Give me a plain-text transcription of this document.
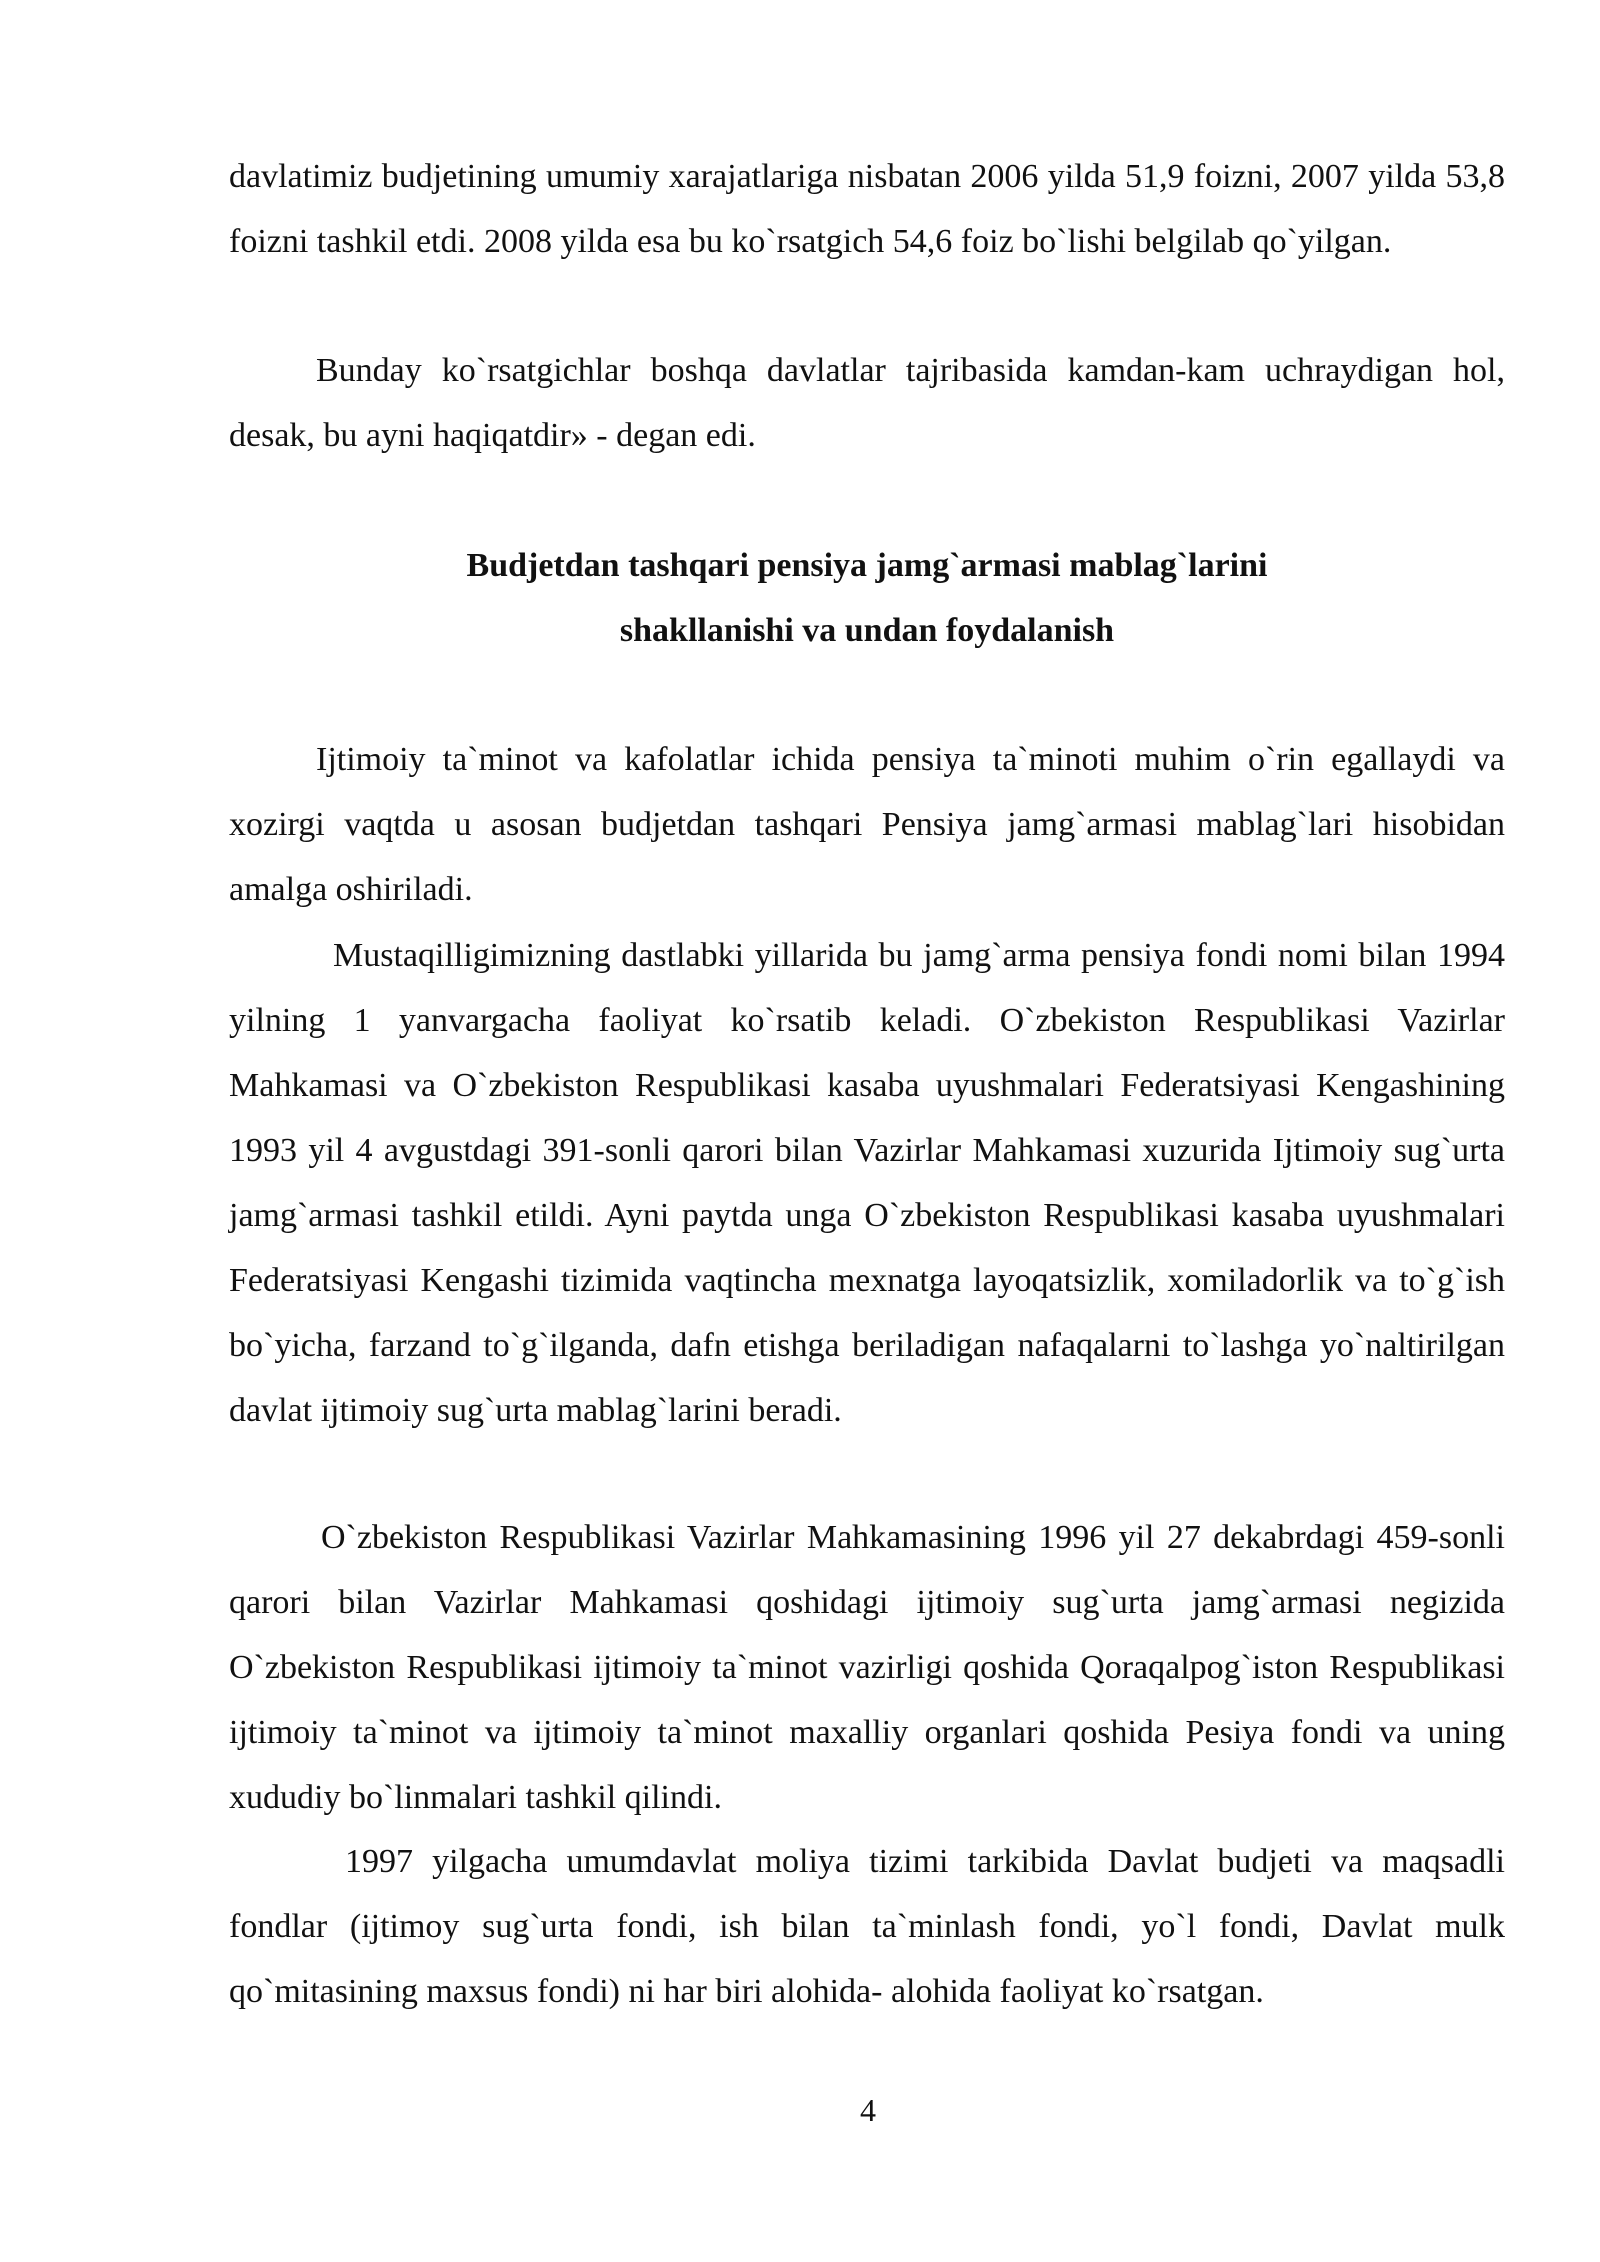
davlatimiz budjetining umumiy xarajatlariga nisbatan 2006 yilda 51,9 foizni, 2007 yilda 53,8 foizni tashkil etdi. 2008 yilda esa bu ko`rsatgich 54,6 foiz bo`lishi belgilab qo`yilgan.

Bunday ko`rsatgichlar boshqa davlatlar tajribasida kamdan-kam uchraydigan hol, desak, bu ayni haqiqatdir» - degan edi.

Budjetdan tashqari pensiya jamg`armasi mablag`larini
shakllanishi va undan foydalanish

Ijtimoiy ta`minot va kafolatlar ichida pensiya ta`minoti muhim o`rin egallaydi va xozirgi vaqtda u asosan budjetdan tashqari Pensiya jamg`armasi mablag`lari hisobidan amalga oshiriladi.

Mustaqilligimizning dastlabki yillarida bu jamg`arma pensiya fondi nomi bilan 1994 yilning 1 yanvargacha faoliyat ko`rsatib keladi. O`zbekiston Respublikasi Vazirlar Mahkamasi va O`zbekiston Respublikasi kasaba uyushmalari Federatsiyasi Kengashining 1993 yil 4 avgustdagi 391-sonli qarori bilan Vazirlar Mahkamasi xuzurida Ijtimoiy sug`urta jamg`armasi tashkil etildi. Ayni paytda unga O`zbekiston Respublikasi kasaba uyushmalari Federatsiyasi Kengashi tizimida vaqtincha mexnatga layoqatsizlik, xomiladorlik va to`g`ish bo`yicha, farzand to`g`ilganda, dafn etishga beriladigan nafaqalarni to`lashga yo`naltirilgan davlat ijtimoiy sug`urta mablag`larini beradi.

O`zbekiston Respublikasi Vazirlar Mahkamasining 1996 yil 27 dekabrdagi 459-sonli qarori bilan Vazirlar Mahkamasi qoshidagi ijtimoiy sug`urta jamg`armasi negizida O`zbekiston Respublikasi ijtimoiy ta`minot vazirligi qoshida Qoraqalpog`iston Respublikasi ijtimoiy ta`minot va ijtimoiy ta`minot maxalliy organlari qoshida Pesiya fondi va uning xududiy bo`linmalari tashkil qilindi.

1997 yilgacha umumdavlat moliya tizimi tarkibida Davlat budjeti va maqsadli fondlar (ijtimoy sug`urta fondi, ish bilan ta`minlash fondi, yo`l fondi, Davlat mulk qo`mitasining maxsus fondi) ni har biri alohida- alohida faoliyat ko`rsatgan.

4
